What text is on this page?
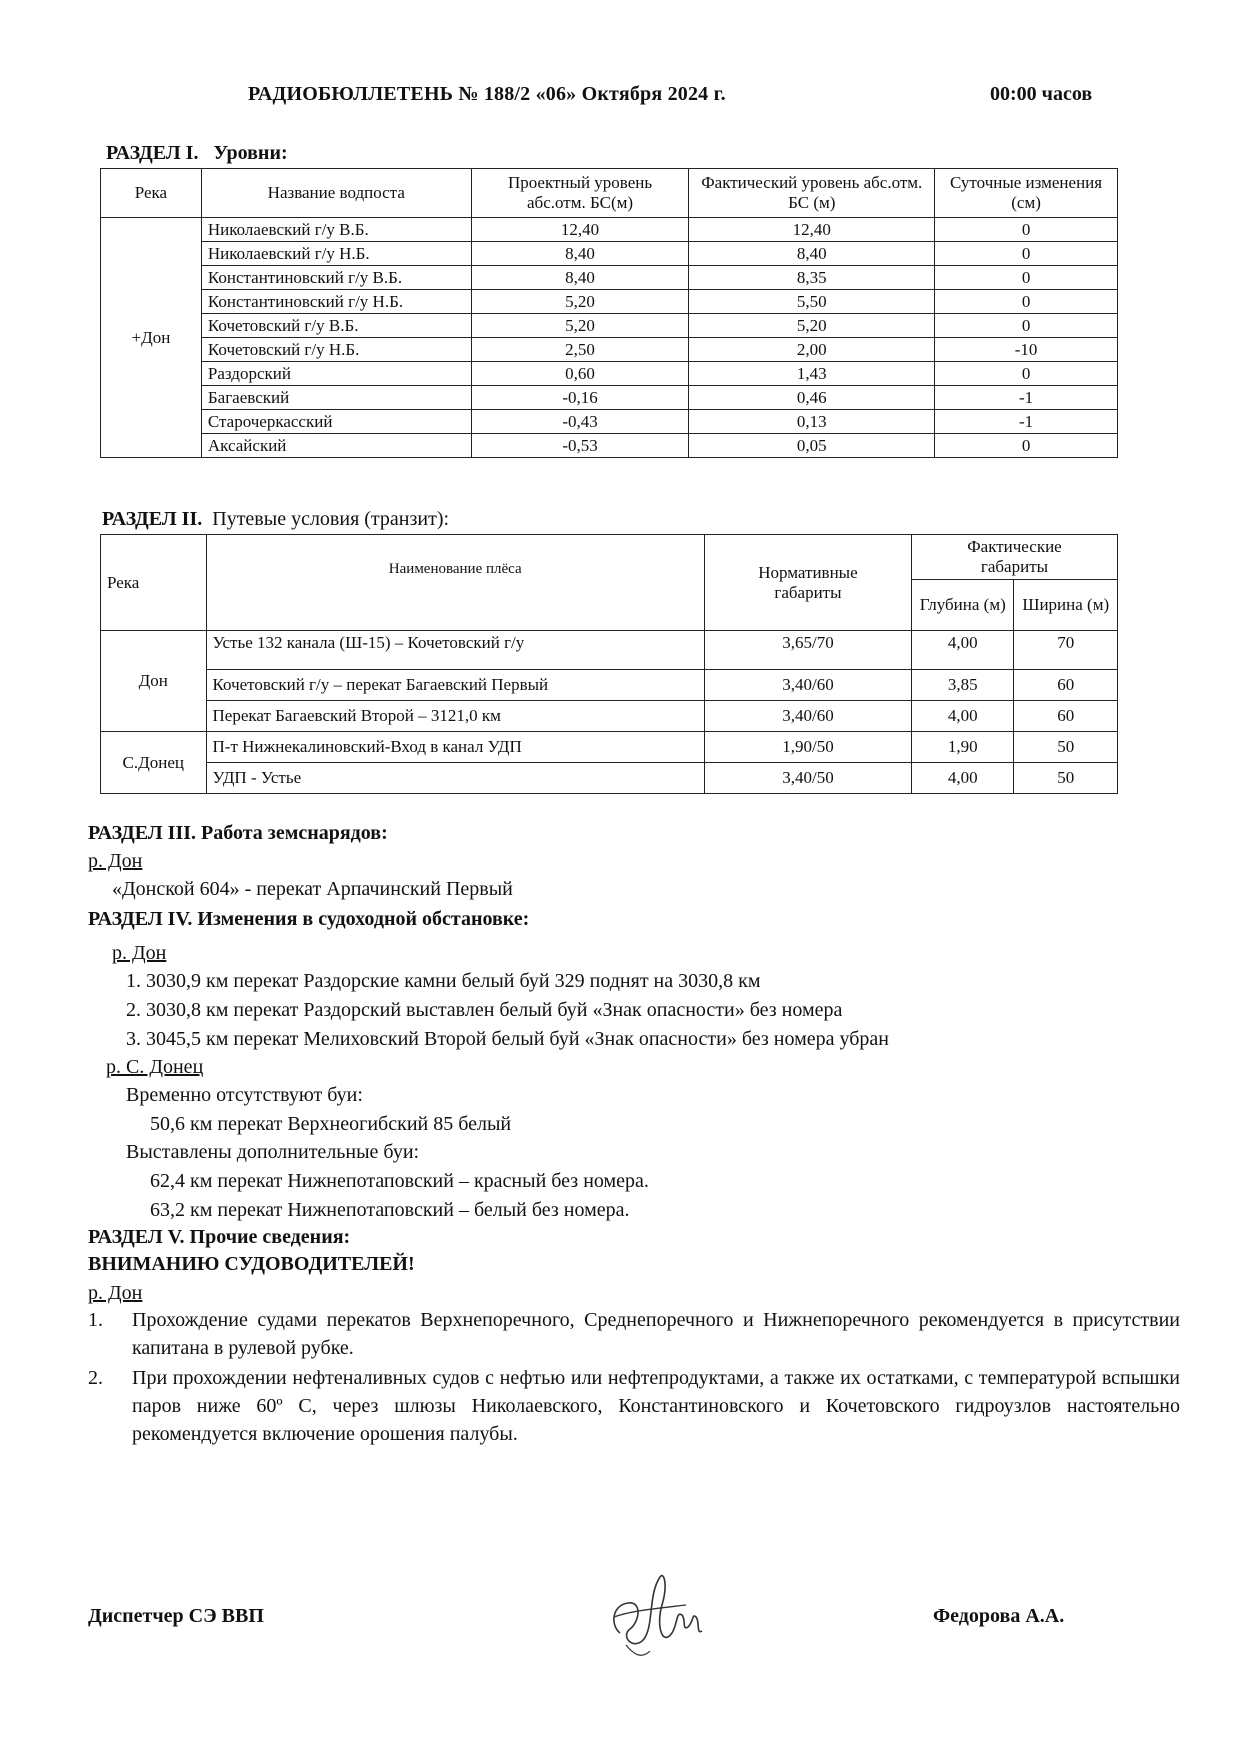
РАДИОБЮЛЛЕТЕНЬ № 188/2 «06» Октября 2024 г.	00:00 часов
РАЗДЕЛ I. Уровни:
Река	Название водпоста	Проектный уровень абс.отм. БС(м)	Фактический уровень абс.отм. БС (м)	Суточные изменения (см)
+Дон	Николаевский г/у В.Б.	12,40	12,40	0
	Николаевский г/у Н.Б.	8,40	8,40	0
	Константиновский г/у В.Б.	8,40	8,35	0
	Константиновский г/у Н.Б.	5,20	5,50	0
	Кочетовский г/у В.Б.	5,20	5,20	0
	Кочетовский г/у Н.Б.	2,50	2,00	-10
	Раздорский	0,60	1,43	0
	Багаевский	-0,16	0,46	-1
	Старочеркасский	-0,43	0,13	-1
	Аксайский	-0,53	0,05	0
РАЗДЕЛ II. Путевые условия (транзит):
Река	Наименование плёса	Нормативные габариты	Фактические габариты	
			Глубина (м)	Ширина (м)
Дон	Устье 132 канала (Ш-15) – Кочетовский г/у	3,65/70	4,00	70
	Кочетовский г/у – перекат Багаевский Первый	3,40/60	3,85	60
	Перекат Багаевский Второй – 3121,0 км	3,40/60	4,00	60
С.Донец	П-т Нижнекалиновский-Вход в канал УДП	1,90/50	1,90	50
	УДП - Устье	3,40/50	4,00	50
РАЗДЕЛ III. Работа земснарядов:
р. Дон
«Донской 604» - перекат Арпачинский Первый
РАЗДЕЛ IV. Изменения в судоходной обстановке:
р. Дон
1. 3030,9 км перекат Раздорские камни белый буй 329 поднят на 3030,8 км
2. 3030,8 км перекат Раздорский выставлен белый буй «Знак опасности» без номера
3. 3045,5 км перекат Мелиховский Второй белый буй «Знак опасности» без номера убран
р. С. Донец
Временно отсутствуют буи:
50,6 км перекат Верхнеогибский 85 белый
Выставлены дополнительные буи:
62,4 км перекат Нижнепотаповский – красный без номера.
63,2 км перекат Нижнепотаповский – белый без номера.
РАЗДЕЛ V. Прочие сведения:
ВНИМАНИЮ СУДОВОДИТЕЛЕЙ!
р. Дон
1. Прохождение судами перекатов Верхнепоречного, Среднепоречного и Нижнепоречного рекомендуется в присутствии капитана в рулевой рубке.
2. При прохождении нефтеналивных судов с нефтью или нефтепродуктами, а также их остатками, с температурой вспышки паров ниже 60º С, через шлюзы Николаевского, Константиновского и Кочетовского гидроузлов настоятельно рекомендуется включение орошения палубы.
Диспетчер СЭ ВВП	Федорова А.А.
